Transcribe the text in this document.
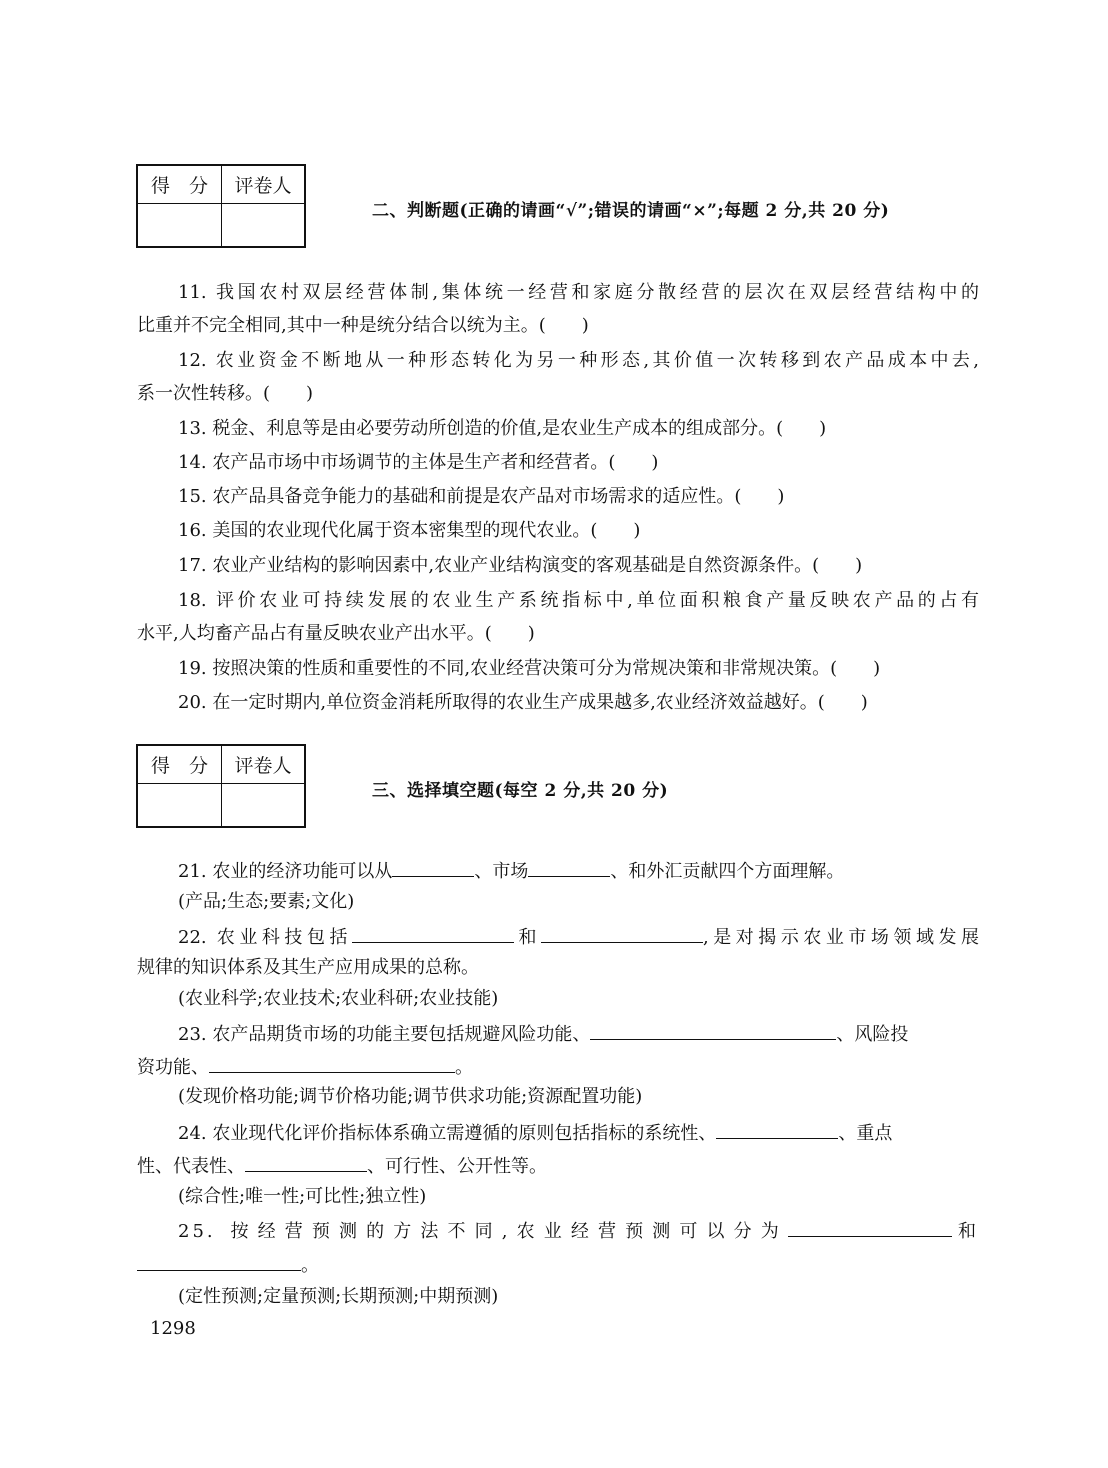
得　分	评卷人
二、判断题(正确的请画“√”;错误的请画“×”;每题 2 分,共 20 分)
11. 我国农村双层经营体制,集体统一经营和家庭分散经营的层次在双层经营结构中的
比重并不完全相同,其中一种是统分结合以统为主。(　　)
12. 农业资金不断地从一种形态转化为另一种形态,其价值一次转移到农产品成本中去,
系一次性转移。(　　)
13. 税金、利息等是由必要劳动所创造的价值,是农业生产成本的组成部分。(　　)
14. 农产品市场中市场调节的主体是生产者和经营者。(　　)
15. 农产品具备竞争能力的基础和前提是农产品对市场需求的适应性。(　　)
16. 美国的农业现代化属于资本密集型的现代农业。(　　)
17. 农业产业结构的影响因素中,农业产业结构演变的客观基础是自然资源条件。(　　)
18. 评价农业可持续发展的农业生产系统指标中,单位面积粮食产量反映农产品的占有
水平,人均畜产品占有量反映农业产出水平。(　　)
19. 按照决策的性质和重要性的不同,农业经营决策可分为常规决策和非常规决策。(　　)
20. 在一定时期内,单位资金消耗所取得的农业生产成果越多,农业经济效益越好。(　　)
得　分	评卷人
三、选择填空题(每空 2 分,共 20 分)
21. 农业的经济功能可以从	、市场	、和外汇贡献四个方面理解。
(产品;生态;要素;文化)
22. 农业科技包括	和	,是对揭示农业市场领域发展
规律的知识体系及其生产应用成果的总称。
(农业科学;农业技术;农业科研;农业技能)
23. 农产品期货市场的功能主要包括规避风险功能、	、风险投
资功能、	。
(发现价格功能;调节价格功能;调节供求功能;资源配置功能)
24. 农业现代化评价指标体系确立需遵循的原则包括指标的系统性、	、重点
性、代表性、	、可行性、公开性等。
(综合性;唯一性;可比性;独立性)
25. 按经营预测的方法不同,农业经营预测可以分为	和
。
(定性预测;定量预测;长期预测;中期预测)
1298
